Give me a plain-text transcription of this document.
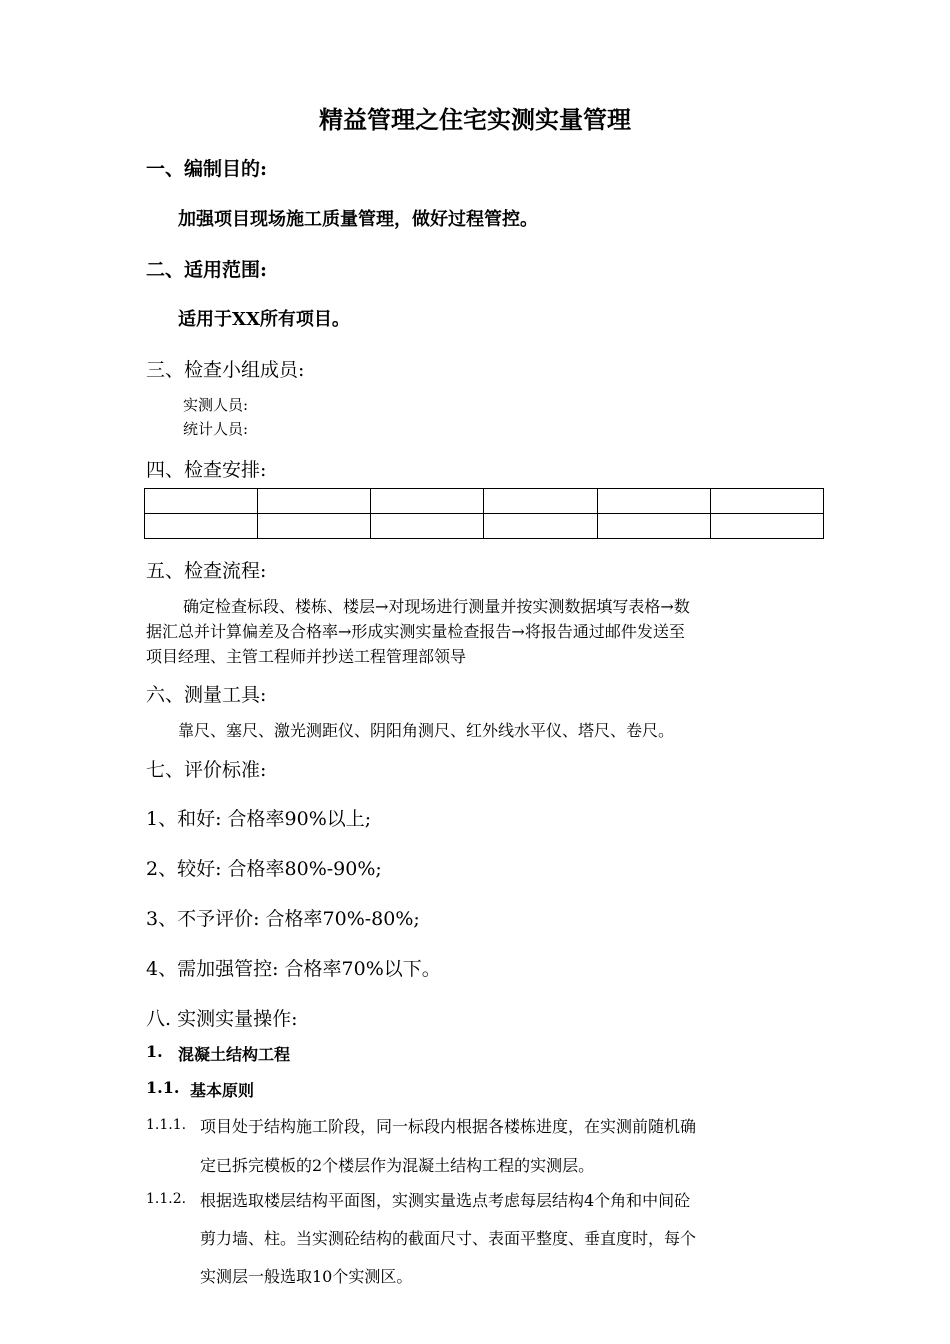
精益管理之住宅实测实量管理
一、编制目的:
加强项目现场施工质量管理，做好过程管控。
二、适用范围:
适用于XX所有项目。
三、检查小组成员:
实测人员:
统计人员:
四、检查安排:

五、检查流程:
确定检查标段、楼栋、楼层→对现场进行测量并按实测数据填写表格→数
据汇总并计算偏差及合格率→形成实测实量检查报告→将报告通过邮件发送至
项目经理、主管工程师并抄送工程管理部领导
六、测量工具:
靠尺、塞尺、激光测距仪、阴阳角测尺、红外线水平仪、塔尺、卷尺。
七、评价标准:
1、和好: 合格率90%以上;
2、较好: 合格率80%-90%;
3、不予评价: 合格率70%-80%;
4、需加强管控: 合格率70%以下。
八. 实测实量操作:
1. 混凝土结构工程
1.1. 基本原则
1.1.1. 项目处于结构施工阶段，同一标段内根据各楼栋进度，在实测前随机确
定已拆完模板的2个楼层作为混凝土结构工程的实测层。
1.1.2. 根据选取楼层结构平面图，实测实量选点考虑每层结构4个角和中间砼
剪力墙、柱。当实测砼结构的截面尺寸、表面平整度、垂直度时，每个
实测层一般选取10个实测区。
